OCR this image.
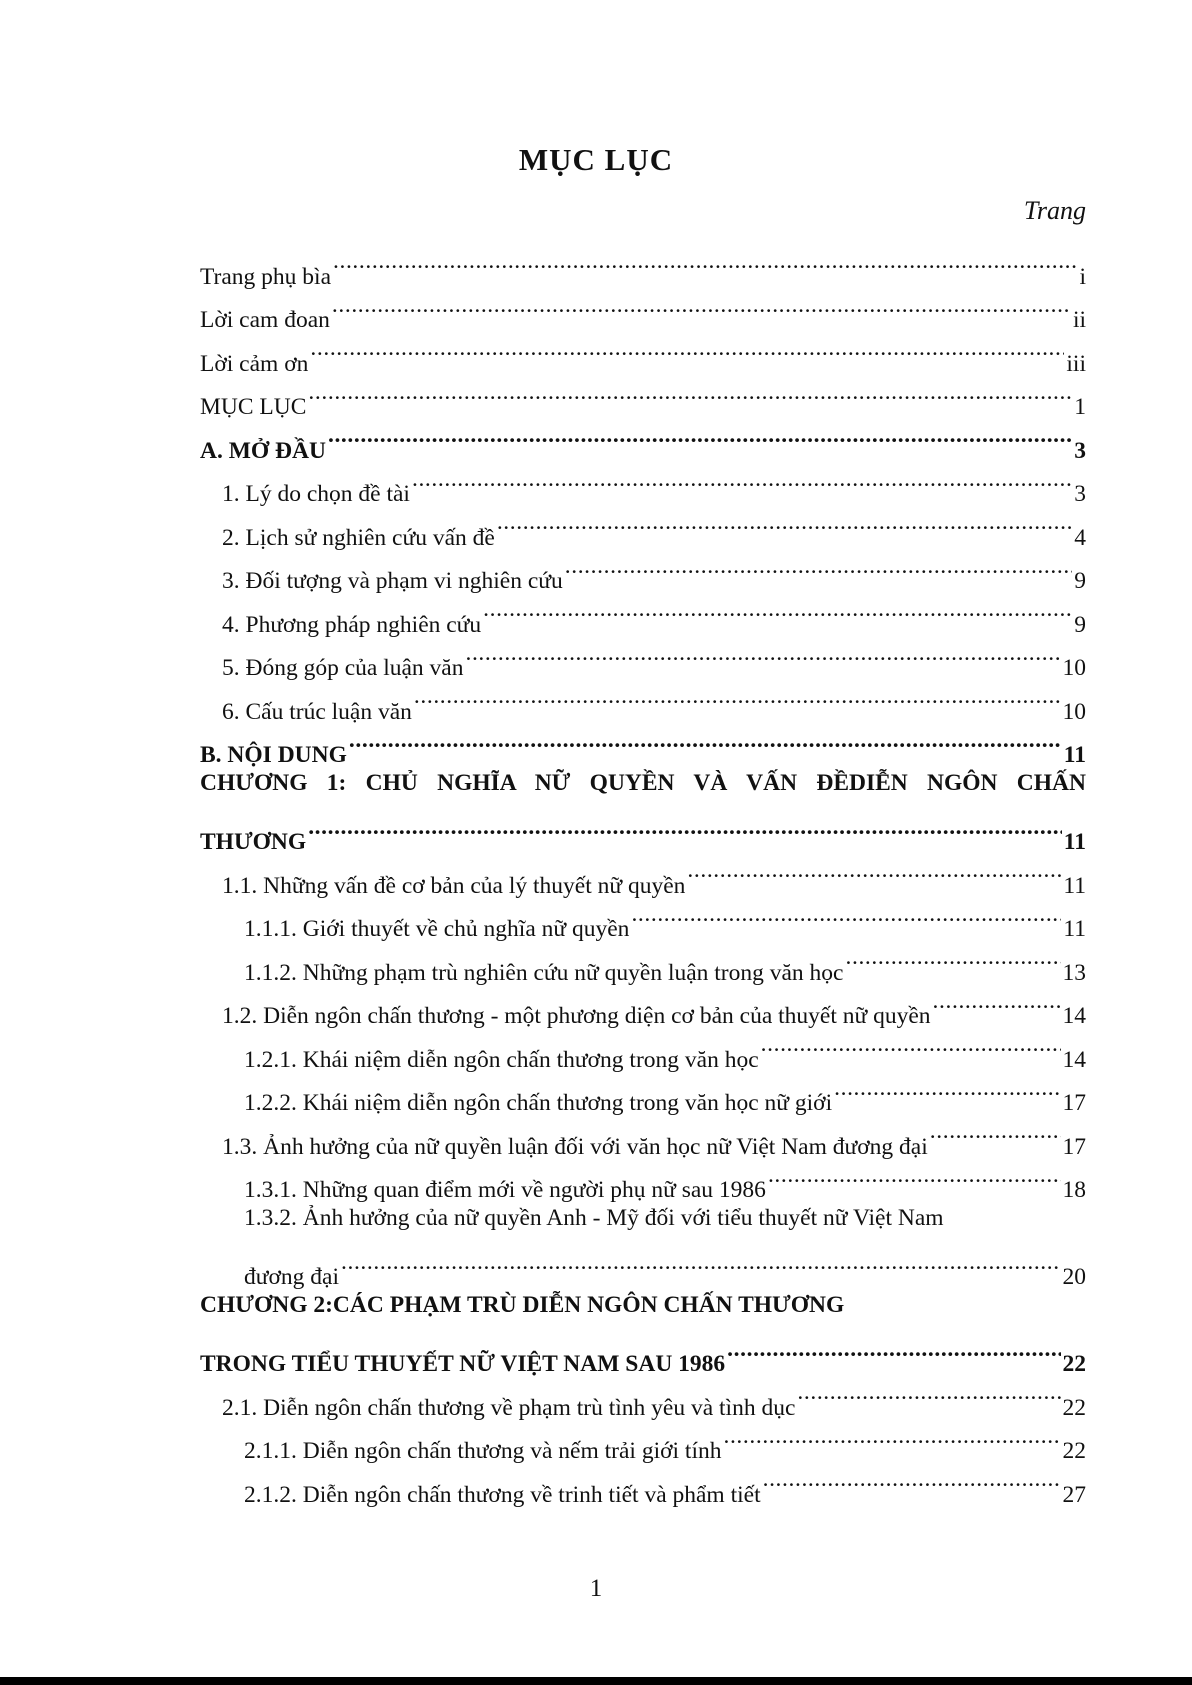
MỤC LỤC
Trang
Trang phụ bìa .....	i
Lời cam đoan .....	ii
Lời cảm ơn .....	iii
MỤC LỤC .....	1
A. MỞ ĐẦU .....	3
1. Lý do chọn đề tài .....	3
2. Lịch sử nghiên cứu vấn đề .....	4
3. Đối tượng và phạm vi nghiên cứu .....	9
4. Phương pháp nghiên cứu .....	9
5. Đóng góp của luận văn .....	10
6. Cấu trúc luận văn .....	10
B. NỘI DUNG .....	11
CHƯƠNG 1: CHỦ NGHĨA NỮ QUYỀN VÀ VẤN ĐỀDIỄN NGÔN CHẤN
THƯƠNG .....	11
1.1. Những vấn đề cơ bản của lý thuyết nữ quyền .....	11
1.1.1. Giới thuyết về chủ nghĩa nữ quyền .....	11
1.1.2. Những phạm trù nghiên cứu nữ quyền luận trong văn học .....	13
1.2. Diễn ngôn chấn thương - một phương diện cơ bản của thuyết nữ quyền .....	14
1.2.1. Khái niệm diễn ngôn chấn thương trong văn học .....	14
1.2.2. Khái niệm diễn ngôn chấn thương trong văn học nữ giới .....	17
1.3. Ảnh hưởng của nữ quyền luận đối với văn học nữ Việt Nam đương đại .....	17
1.3.1. Những quan điểm mới về người phụ nữ sau 1986 .....	18
1.3.2. Ảnh hưởng của nữ quyền Anh - Mỹ đối với tiểu thuyết nữ Việt Nam
đương đại .....	20
CHƯƠNG 2:CÁC PHẠM TRÙ DIỄN NGÔN CHẤN THƯƠNG
TRONG TIỂU THUYẾT NỮ VIỆT NAM SAU 1986 .....	22
2.1. Diễn ngôn chấn thương về phạm trù tình yêu và tình dục .....	22
2.1.1. Diễn ngôn chấn thương và nếm trải giới tính .....	22
2.1.2. Diễn ngôn chấn thương về trinh tiết và phẩm tiết .....	27
1
